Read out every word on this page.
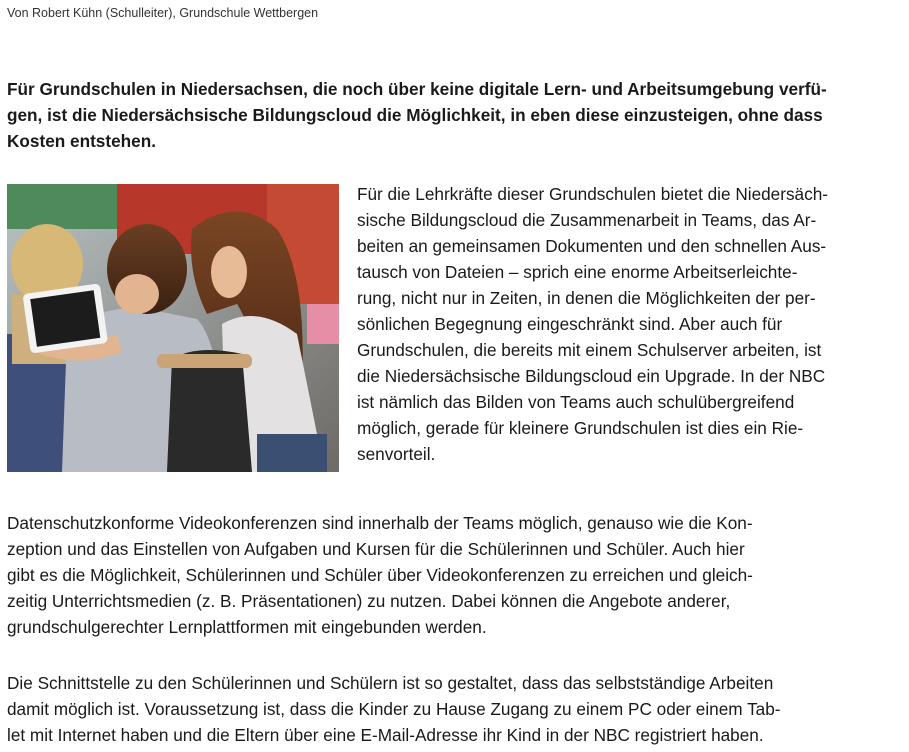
Von Robert Kühn (Schulleiter), Grundschule Wettbergen
Für Grundschulen in Niedersachsen, die noch über keine digitale Lern- und Arbeitsumgebung verfü-
gen, ist die Niedersächsische Bildungscloud die Möglichkeit, in eben diese einzusteigen, ohne dass
Kosten entstehen.
Für die Lehrkräfte dieser Grundschulen bietet die Niedersäch-
sische Bildungscloud die Zusammenarbeit in Teams, das Ar-
beiten an gemeinsamen Dokumenten und den schnellen Aus-
tausch von Dateien – sprich eine enorme Arbeitserleichte-
rung, nicht nur in Zeiten, in denen die Möglichkeiten der per-
sönlichen Begegnung eingeschränkt sind. Aber auch für
Grundschulen, die bereits mit einem Schulserver arbeiten, ist
die Niedersächsische Bildungscloud ein Upgrade. In der NBC
ist nämlich das Bilden von Teams auch schulübergreifend
möglich, gerade für kleinere Grundschulen ist dies ein Rie-
senvorteil.
Datenschutzkonforme Videokonferenzen sind innerhalb der Teams möglich, genauso wie die Kon-
zeption und das Einstellen von Aufgaben und Kursen für die Schülerinnen und Schüler. Auch hier
gibt es die Möglichkeit, Schülerinnen und Schüler über Videokonferenzen zu erreichen und gleich-
zeitig Unterrichtsmedien (z. B. Präsentationen) zu nutzen. Dabei können die Angebote anderer,
grundschulgerechter Lernplattformen mit eingebunden werden.
Die Schnittstelle zu den Schülerinnen und Schülern ist so gestaltet, dass das selbstständige Arbeiten
damit möglich ist. Voraussetzung ist, dass die Kinder zu Hause Zugang zu einem PC oder einem Tab-
let mit Internet haben und die Eltern über eine E-Mail-Adresse ihr Kind in der NBC registriert haben.
